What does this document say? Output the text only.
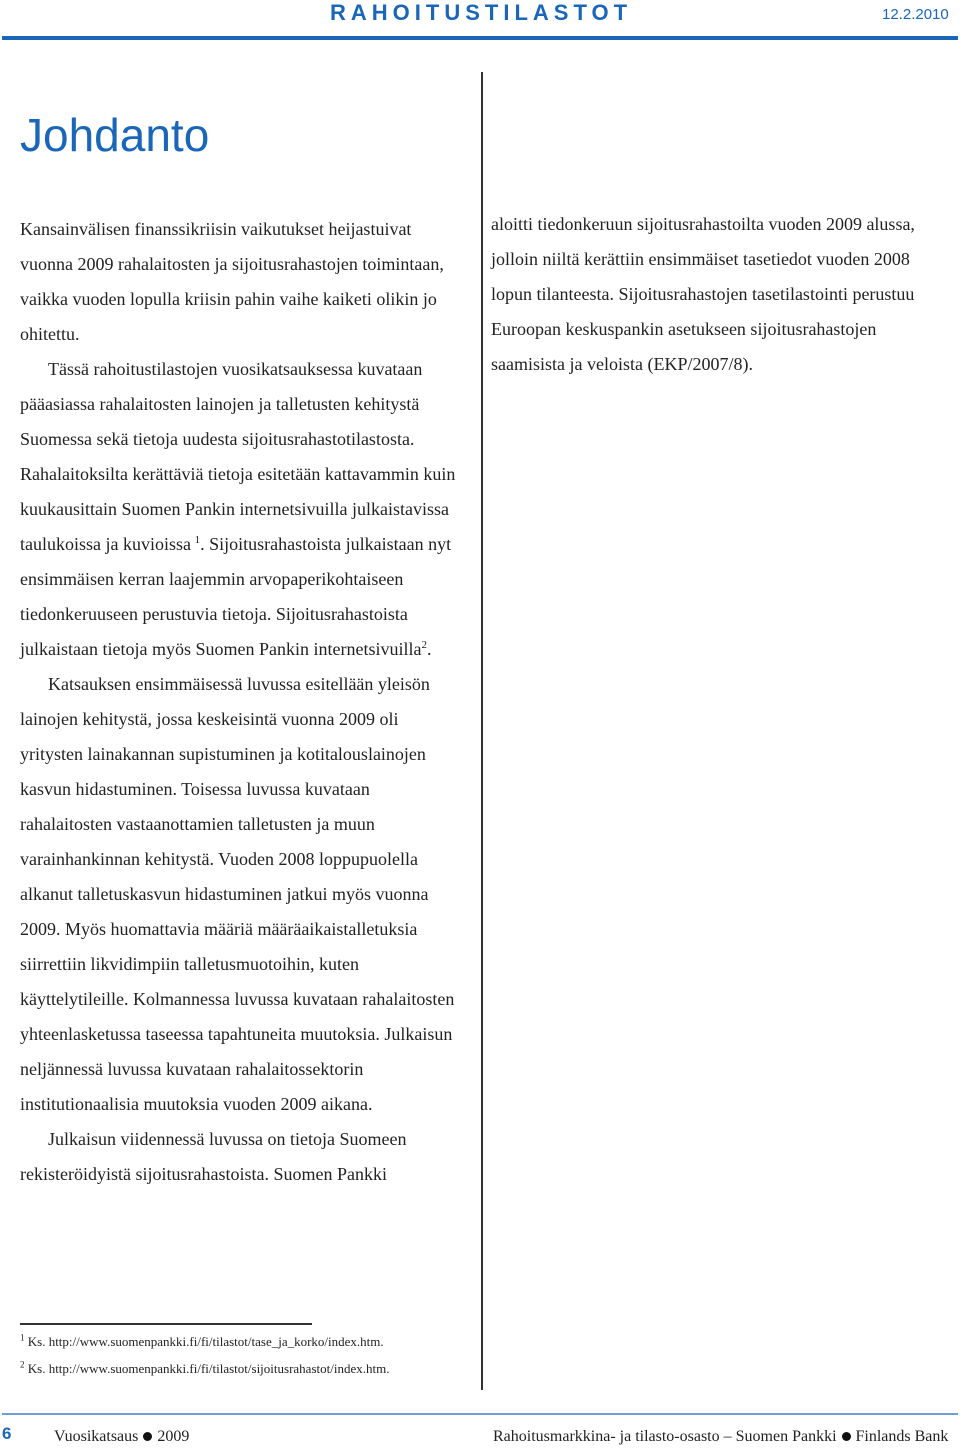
RAHOITUSTILASTOT	12.2.2010
Johdanto

Kansainvälisen finanssikriisin vaikutukset heijastuivat vuonna 2009 rahalaitosten ja sijoitusrahastojen toimintaan, vaikka vuoden lopulla kriisin pahin vaihe kaiketi olikin jo ohitettu.

Tässä rahoitustilastojen vuosikatsauksessa kuvataan pääasiassa rahalaitosten lainojen ja talletusten kehitystä Suomessa sekä tietoja uudesta sijoitusrahastotilastosta. Rahalaitoksilta kerättäviä tietoja esitetään kattavammin kuin kuukausittain Suomen Pankin internetsivuilla julkaistavissa taulukoissa ja kuvioissa  $^1$. Sijoitusrahastoista julkaistaan nyt ensimmäisen kerran laajemmin arvopaperikohtaiseen tiedonkeruuseen perustuvia tietoja. Sijoitusrahastoista julkaistaan tietoja myös Suomen Pankin internetsivuilla$^2$.

Katsauksen ensimmäisessä luvussa esitellään yleisön lainojen kehitystä, jossa keskeisintä vuonna 2009 oli yritysten lainakannan supistuminen ja kotitalouslainojen kasvun hidastuminen. Toisessa luvussa kuvataan rahalaitosten vastaanottamien talletusten ja muun varainhankinnan kehitystä. Vuoden 2008 loppupuolella alkanut talletuskasvun hidastuminen jatkui myös vuonna 2009. Myös huomattavia määriä määräaikaistalletuksia siirrettiin likvidimpiin talletusmuotoihin, kuten käyttelytileille. Kolmannessa luvussa kuvataan rahalaitosten yhteenlasketussa taseessa tapahtuneita muutoksia. Julkaisun neljännessä luvussa kuvataan rahalaitossektorin institutionaalisia muutoksia vuoden 2009 aikana.

Julkaisun viidennessä luvussa on tietoja Suomeen rekisteröidyistä sijoitusrahastoista. Suomen Pankki

aloitti tiedonkeruun sijoitusrahastoilta vuoden 2009 alussa, jolloin niiltä kerättiin ensimmäiset tasetiedot vuoden 2008 lopun tilanteesta. Sijoitusrahastojen tasetilastointi perustuu Euroopan keskuspankin asetukseen sijoitusrahastojen saamisista ja veloista (EKP/2007/8).

$^1$ Ks. http://www.suomenpankki.fi/fi/tilastot/tase_ja_korko/index.htm.
$^2$ Ks. http://www.suomenpankki.fi/fi/tilastot/sijoitusrahastot/index.htm.
6	Vuosikatsaus 2009	Rahoitusmarkkina- ja tilasto-osasto – Suomen Pankki Finlands Bank
